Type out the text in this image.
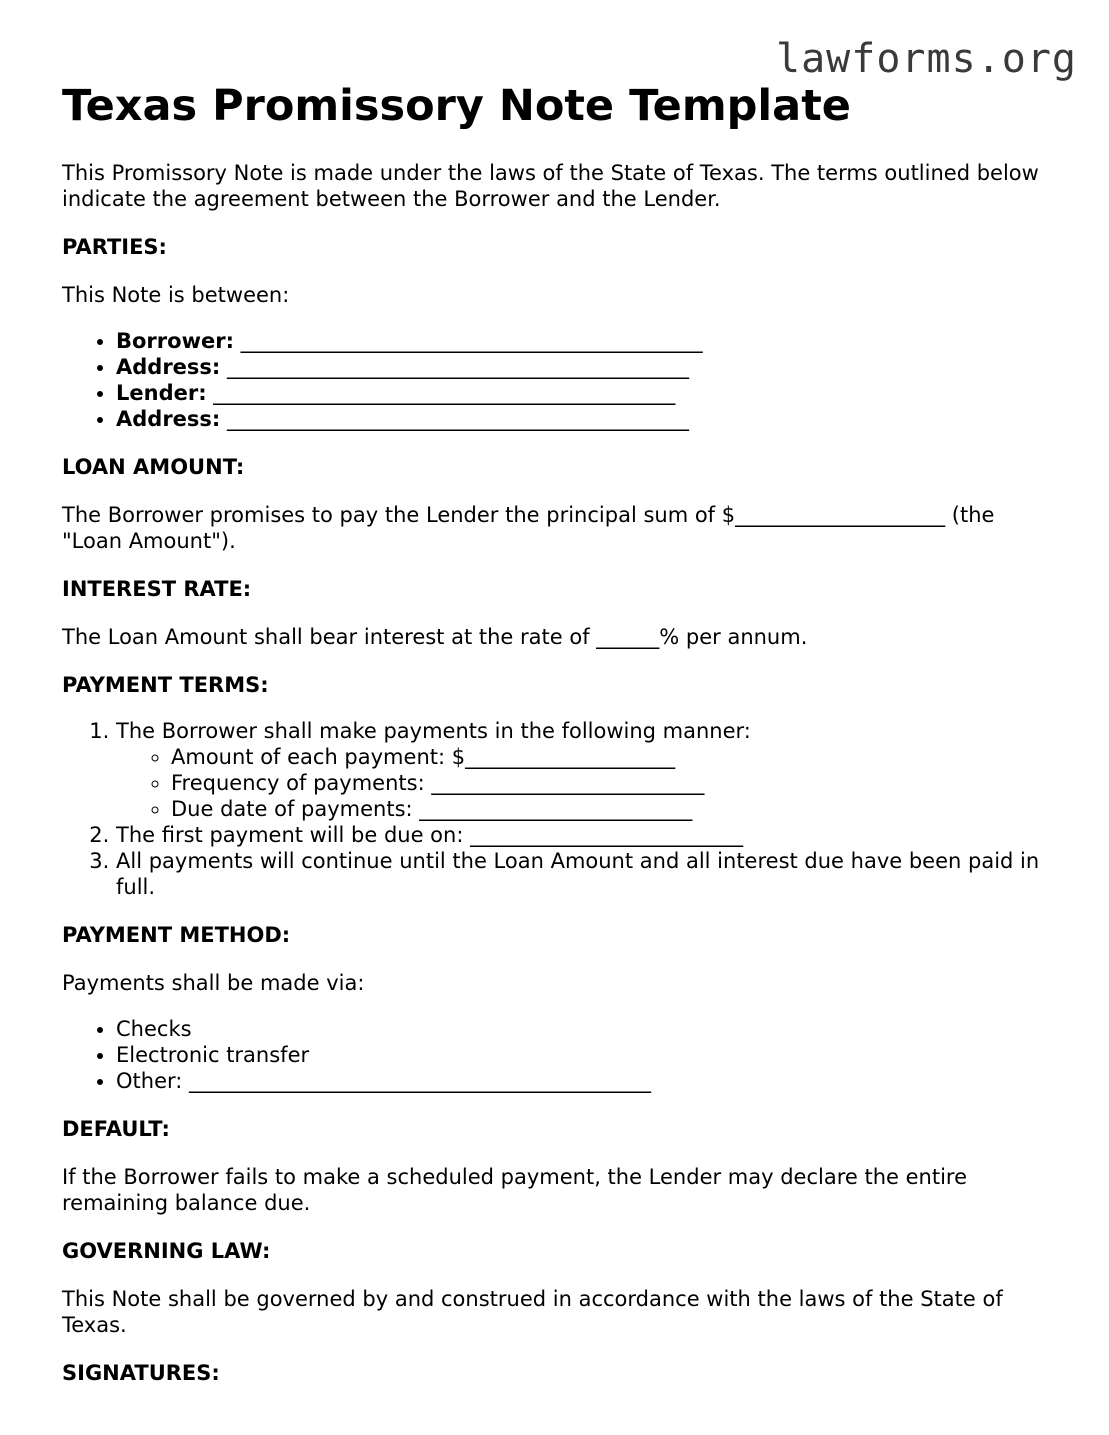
lawforms.org
Texas Promissory Note Template

This Promissory Note is made under the laws of the State of Texas. The terms outlined below indicate the agreement between the Borrower and the Lender.

PARTIES:

This Note is between:

• Borrower: ____________________________________________
• Address: ____________________________________________
• Lender: ____________________________________________
• Address: ____________________________________________

LOAN AMOUNT:

The Borrower promises to pay the Lender the principal sum of $____________________ (the "Loan Amount").

INTEREST RATE:

The Loan Amount shall bear interest at the rate of ______% per annum.

PAYMENT TERMS:

1. The Borrower shall make payments in the following manner:
◦ Amount of each payment: $____________________
◦ Frequency of payments: __________________________
◦ Due date of payments: __________________________
2. The first payment will be due on: __________________________
3. All payments will continue until the Loan Amount and all interest due have been paid in full.

PAYMENT METHOD:

Payments shall be made via:

• Checks
• Electronic transfer
• Other: ____________________________________________

DEFAULT:

If the Borrower fails to make a scheduled payment, the Lender may declare the entire remaining balance due.

GOVERNING LAW:

This Note shall be governed by and construed in accordance with the laws of the State of Texas.

SIGNATURES:
